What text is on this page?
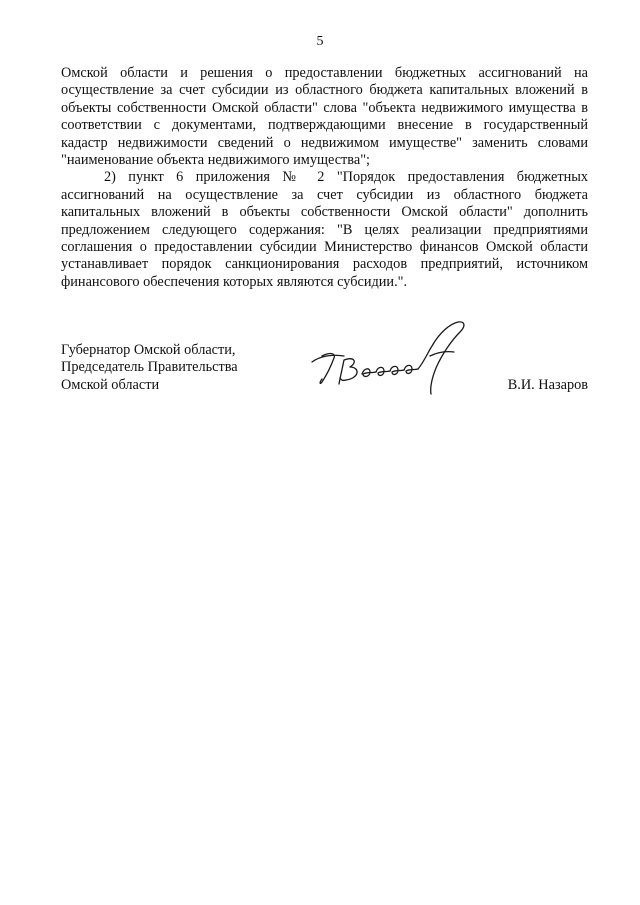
5

Омской области и решения о предоставлении бюджетных ассигнований на осуществление за счет субсидии из областного бюджета капитальных вложений в объекты собственности Омской области" слова "объекта недвижимого имущества в соответствии с документами, подтверждающими внесение в государственный кадастр недвижимости сведений о недвижимом имуществе" заменить словами "наименование объекта недвижимого имущества";

2) пункт 6 приложения № 2 "Порядок предоставления бюджетных ассигнований на осуществление за счет субсидии из областного бюджета капитальных вложений в объекты собственности Омской области" дополнить предложением следующего содержания: "В целях реализации предприятиями соглашения о предоставлении субсидии Министерство финансов Омской области устанавливает порядок санкционирования расходов предприятий, источником финансового обеспечения которых являются субсидии.".

Губернатор Омской области,
Председатель Правительства
Омской области	В.И. Назаров
